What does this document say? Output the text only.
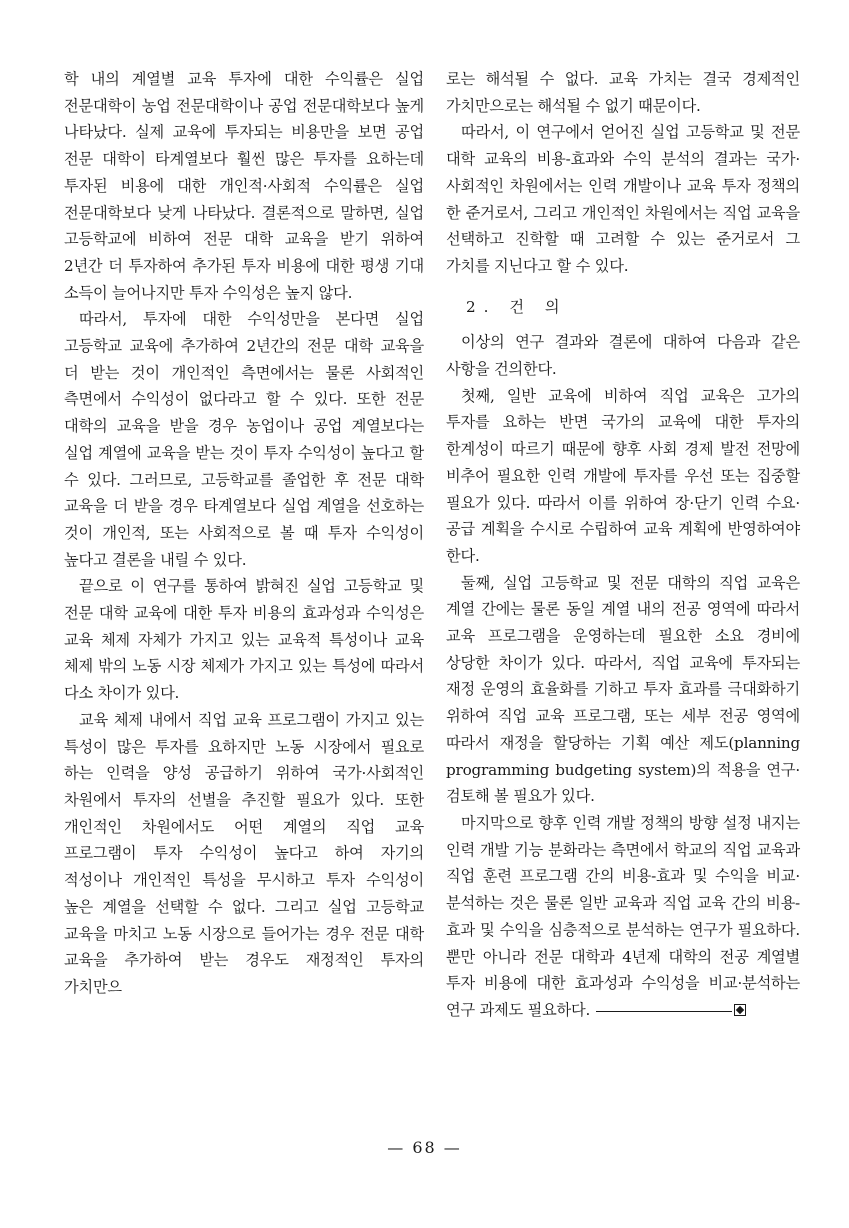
학 내의 계열별 교육 투자에 대한 수익률은 실업 전문대학이 농업 전문대학이나 공업 전문대학보다 높게 나타났다. 실제 교육에 투자되는 비용만을 보면 공업 전문 대학이 타계열보다 훨씬 많은 투자를 요하는데 투자된 비용에 대한 개인적·사회적 수익률은 실업 전문대학보다 낮게 나타났다. 결론적으로 말하면, 실업 고등학교에 비하여 전문 대학 교육을 받기 위하여 2년간 더 투자하여 추가된 투자 비용에 대한 평생 기대 소득이 늘어나지만 투자 수익성은 높지 않다.

따라서, 투자에 대한 수익성만을 본다면 실업 고등학교 교육에 추가하여 2년간의 전문 대학 교육을 더 받는 것이 개인적인 측면에서는 물론 사회적인 측면에서 수익성이 없다라고 할 수 있다. 또한 전문 대학의 교육을 받을 경우 농업이나 공업 계열보다는 실업 계열에 교육을 받는 것이 투자 수익성이 높다고 할 수 있다. 그러므로, 고등학교를 졸업한 후 전문 대학 교육을 더 받을 경우 타계열보다 실업 계열을 선호하는 것이 개인적, 또는 사회적으로 볼 때 투자 수익성이 높다고 결론을 내릴 수 있다.

끝으로 이 연구를 통하여 밝혀진 실업 고등학교 및 전문 대학 교육에 대한 투자 비용의 효과성과 수익성은 교육 체제 자체가 가지고 있는 교육적 특성이나 교육 체제 밖의 노동 시장 체제가 가지고 있는 특성에 따라서 다소 차이가 있다.

교육 체제 내에서 직업 교육 프로그램이 가지고 있는 특성이 많은 투자를 요하지만 노동 시장에서 필요로 하는 인력을 양성 공급하기 위하여 국가·사회적인 차원에서 투자의 선별을 추진할 필요가 있다. 또한 개인적인 차원에서도 어떤 계열의 직업 교육 프로그램이 투자 수익성이 높다고 하여 자기의 적성이나 개인적인 특성을 무시하고 투자 수익성이 높은 계열을 선택할 수 없다. 그리고 실업 고등학교 교육을 마치고 노동 시장으로 들어가는 경우 전문 대학 교육을 추가하여 받는 경우도 재정적인 투자의 가치만으

로는 해석될 수 없다. 교육 가치는 결국 경제적인 가치만으로는 해석될 수 없기 때문이다.

따라서, 이 연구에서 얻어진 실업 고등학교 및 전문 대학 교육의 비용-효과와 수익 분석의 결과는 국가·사회적인 차원에서는 인력 개발이나 교육 투자 정책의 한 준거로서, 그리고 개인적인 차원에서는 직업 교육을 선택하고 진학할 때 고려할 수 있는 준거로서 그 가치를 지닌다고 할 수 있다.

2. 건 의

이상의 연구 결과와 결론에 대하여 다음과 같은 사항을 건의한다.

첫째, 일반 교육에 비하여 직업 교육은 고가의 투자를 요하는 반면 국가의 교육에 대한 투자의 한계성이 따르기 때문에 향후 사회 경제 발전 전망에 비추어 필요한 인력 개발에 투자를 우선 또는 집중할 필요가 있다. 따라서 이를 위하여 장·단기 인력 수요·공급 계획을 수시로 수립하여 교육 계획에 반영하여야 한다.

둘째, 실업 고등학교 및 전문 대학의 직업 교육은 계열 간에는 물론 동일 계열 내의 전공 영역에 따라서 교육 프로그램을 운영하는데 필요한 소요 경비에 상당한 차이가 있다. 따라서, 직업 교육에 투자되는 재정 운영의 효율화를 기하고 투자 효과를 극대화하기 위하여 직업 교육 프로그램, 또는 세부 전공 영역에 따라서 재정을 할당하는 기획 예산 제도(planning programming budgeting system)의 적용을 연구·검토해 볼 필요가 있다.

마지막으로 향후 인력 개발 정책의 방향 설정 내지는 인력 개발 기능 분화라는 측면에서 학교의 직업 교육과 직업 훈련 프로그램 간의 비용-효과 및 수익을 비교·분석하는 것은 물론 일반 교육과 직업 교육 간의 비용-효과 및 수익을 심층적으로 분석하는 연구가 필요하다. 뿐만 아니라 전문 대학과 4년제 대학의 전공 계열별 투자 비용에 대한 효과성과 수익성을 비교·분석하는 연구 과제도 필요하다.

— 68 —
